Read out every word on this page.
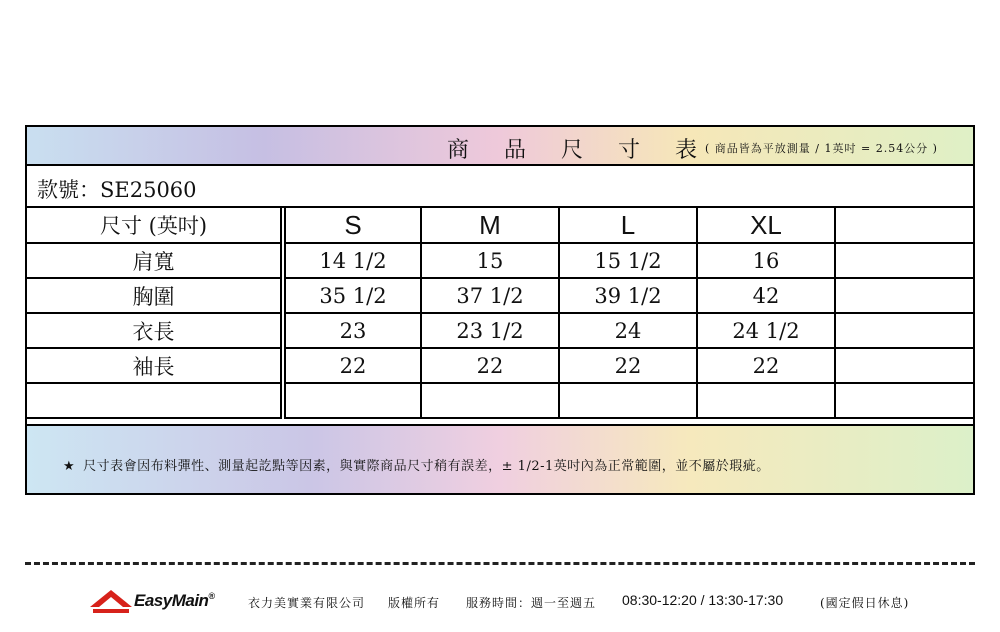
商 品 尺 寸 表
( 商品皆為平放測量 / 1英吋 = 2.54公分 )
款號：SE25060
尺寸 (英吋)	S	M	L	XL	
肩寬	14 1/2	15	15 1/2	16	
胸圍	35 1/2	37 1/2	39 1/2	42	
衣長	23	23 1/2	24	24 1/2	
袖長	22	22	22	22	

★ 尺寸表會因布料彈性、測量起訖點等因素，與實際商品尺寸稍有誤差，± 1/2-1英吋內為正常範圍，並不屬於瑕疵。
EasyMain®	衣力美實業有限公司 版權所有 服務時間：週一至週五 08:30-12:20 / 13:30-17:30	(國定假日休息)
